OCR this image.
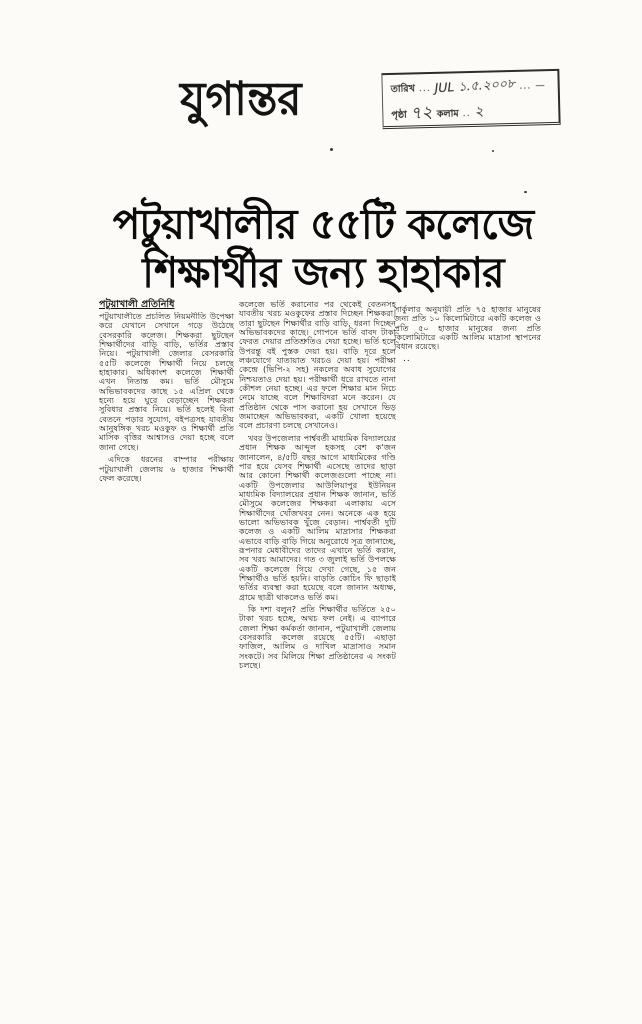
যুগান্তর	তারিখ ... JUL ১.৫.২০০৮ ... —
পৃষ্ঠা ৭২ কলাম .. ২
পটুয়াখালীর ৫৫টি কলেজে
শিক্ষার্থীর জন্য হাহাকার
পটুয়াখালী প্রতিনিধি

পটুয়াখালীতে প্রচলিত নিয়মনীতি উপেক্ষা করে যেখানে সেখানে গড়ে উঠেছে বেসরকারি কলেজ। শিক্ষকরা ছুটছেন শিক্ষার্থীদের বাড়ি বাড়ি, ভর্তির প্রস্তাব নিয়ে। পটুয়াখালী জেলার বেসরকারি ৫৫টি কলেজে শিক্ষার্থী নিয়ে চলছে হাহাকার। অধিকাংশ কলেজে শিক্ষার্থী এখন নিতান্ত কম। ভর্তি মৌসুমে অভিভাবকদের কাছে ১৫ এপ্রিল থেকে হন্যে হয়ে ঘুরে বেড়াচ্ছেন শিক্ষকরা সুবিধার প্রস্তাব নিয়ে। ভর্তি হলেই বিনা বেতনে পড়ার সুযোগ, বইপত্রসহ যাবতীয় আনুষঙ্গিক খরচ মওকুফ ও শিক্ষার্থী প্রতি মাসিক বৃত্তির আশ্বাসও দেয়া হচ্ছে বলে জানা গেছে।

এদিকে ধরনের বাম্পার পরীক্ষায় পটুয়াখালী জেলায় ৬ হাজার শিক্ষার্থী ফেল করেছে।

কলেজে ভর্তি করানোর পর থেকেই বেতনসহ যাবতীয় খরচ মওকুফের প্রস্তাব দিচ্ছেন শিক্ষকরা। তারা ছুটছেন শিক্ষার্থীর বাড়ি বাড়ি, ধরনা দিচ্ছেন অভিভাবকদের কাছে। গোপনে ভর্তি বাবদ টাকা ফেরত দেয়ার প্রতিশ্রুতিও দেয়া হচ্ছে। ভর্তি হলে উপরন্তু বই পুস্তক দেয়া হয়। বাড়ি দূরে হলে লঞ্চযোগে যাতায়াত খরচও দেয়া হয়। পরীক্ষা কেন্দ্রে (ভিপি-২ সহ) নকলের অবাধ সুযোগের নিশ্চয়তাও দেয়া হয়। পরীক্ষার্থী ধরে রাখতে নানা কৌশল নেয়া হচ্ছে। এর ফলে শিক্ষার মান নিচে নেমে যাচ্ছে বলে শিক্ষাবিদরা মনে করেন। যে প্রতিষ্ঠান থেকে পাস করানো হয় সেখানে ভিড় জমাচ্ছেন অভিভাবকরা, একটি খোলা হয়েছে বলে প্রচারণা চলছে সেখানেও।

খবর উপজেলার পার্শ্ববর্তী মাধ্যমিক বিদ্যালয়ের প্রধান শিক্ষক আব্দুল হকসহ বেশ ক'জন জানালেন, ৪/৫টি বছর আগে মাধ্যমিকের গণ্ডি পার হয়ে যেসব শিক্ষার্থী এসেছে তাদের ছাড়া আর কোনো শিক্ষার্থী কলেজগুলো পাচ্ছে না। একটি উপজেলার আউলিয়াপুর ইউনিয়ন মাধ্যমিক বিদ্যালয়ের প্রধান শিক্ষক জানান, ভর্তি মৌসুমে কলেজের শিক্ষকরা এলাকায় এসে শিক্ষার্থীদের খোঁজখবর নেন। অনেকে এক হয়ে ভালো অভিভাবক খুঁজে বেড়ান। পার্শ্ববর্তী দুটি কলেজ ও একটি আলিম মাদ্রাসার শিক্ষকরা এভাবে বাড়ি বাড়ি গিয়ে অনুরোধে সূত্র জানাচ্ছে, রূপনার মেধাবীদের তাদের এখানে ভর্তি করান, সব খরচ আমাদের। গত ৩ জুলাই ভর্তি উপলক্ষে একটি কলেজে গিয়ে দেখা গেছে, ১৫ জন শিক্ষার্থীও ভর্তি হয়নি। বাড়তি কোচিং ফি ছাড়াই ভর্তির ব্যবস্থা করা হয়েছে বলে জানান অধ্যক্ষ, গ্রামে ছাত্রী থাকলেও ভর্তি কম।

কি দশা বলুন? প্রতি শিক্ষার্থীর ভর্তিতে ২৫০ টাকা খরচ হচ্ছে, অথচ ফল নেই। এ ব্যাপারে জেলা শিক্ষা কর্মকর্তা জানান, পটুয়াখালী জেলায় বেসরকারি কলেজ রয়েছে ৫৫টি। এছাড়া ফাজিল, আলিম ও দাখিল মাদ্রাসাও সমান সংকটে। সব মিলিয়ে শিক্ষা প্রতিষ্ঠানের এ সংকট চলছে।

সার্কুলার অনুযায়ী প্রতি ৭৫ হাজার মানুষের জন্য প্রতি ১০ কিলোমিটারে একটি কলেজ ও প্রতি ৫০ হাজার মানুষের জন্য প্রতি কিলোমিটারে একটি আলিম মাদ্রাসা স্থাপনের বিধান রয়েছে।

..
